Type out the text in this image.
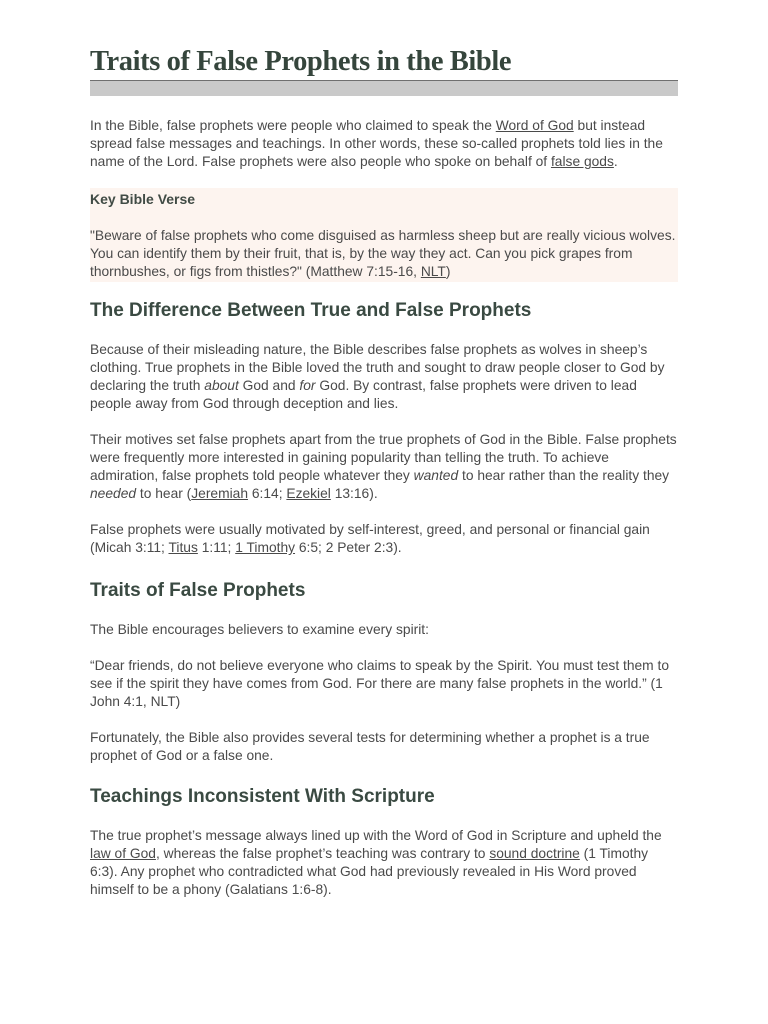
Traits of False Prophets in the Bible

In the Bible, false prophets were people who claimed to speak the Word of God but instead spread false messages and teachings. In other words, these so-called prophets told lies in the name of the Lord. False prophets were also people who spoke on behalf of false gods.

Key Bible Verse

"Beware of false prophets who come disguised as harmless sheep but are really vicious wolves. You can identify them by their fruit, that is, by the way they act. Can you pick grapes from thornbushes, or figs from thistles?" (Matthew 7:15-16, NLT)

The Difference Between True and False Prophets

Because of their misleading nature, the Bible describes false prophets as wolves in sheep’s clothing. True prophets in the Bible loved the truth and sought to draw people closer to God by declaring the truth about God and for God. By contrast, false prophets were driven to lead people away from God through deception and lies.

Their motives set false prophets apart from the true prophets of God in the Bible. False prophets were frequently more interested in gaining popularity than telling the truth. To achieve admiration, false prophets told people whatever they wanted to hear rather than the reality they needed to hear (Jeremiah 6:14; Ezekiel 13:16).

False prophets were usually motivated by self-interest, greed, and personal or financial gain (Micah 3:11; Titus 1:11; 1 Timothy 6:5; 2 Peter 2:3).

Traits of False Prophets

The Bible encourages believers to examine every spirit:

“Dear friends, do not believe everyone who claims to speak by the Spirit. You must test them to see if the spirit they have comes from God. For there are many false prophets in the world.” (1 John 4:1, NLT)

Fortunately, the Bible also provides several tests for determining whether a prophet is a true prophet of God or a false one.

Teachings Inconsistent With Scripture

The true prophet’s message always lined up with the Word of God in Scripture and upheld the law of God, whereas the false prophet’s teaching was contrary to sound doctrine (1 Timothy 6:3). Any prophet who contradicted what God had previously revealed in His Word proved himself to be a phony (Galatians 1:6-8).
